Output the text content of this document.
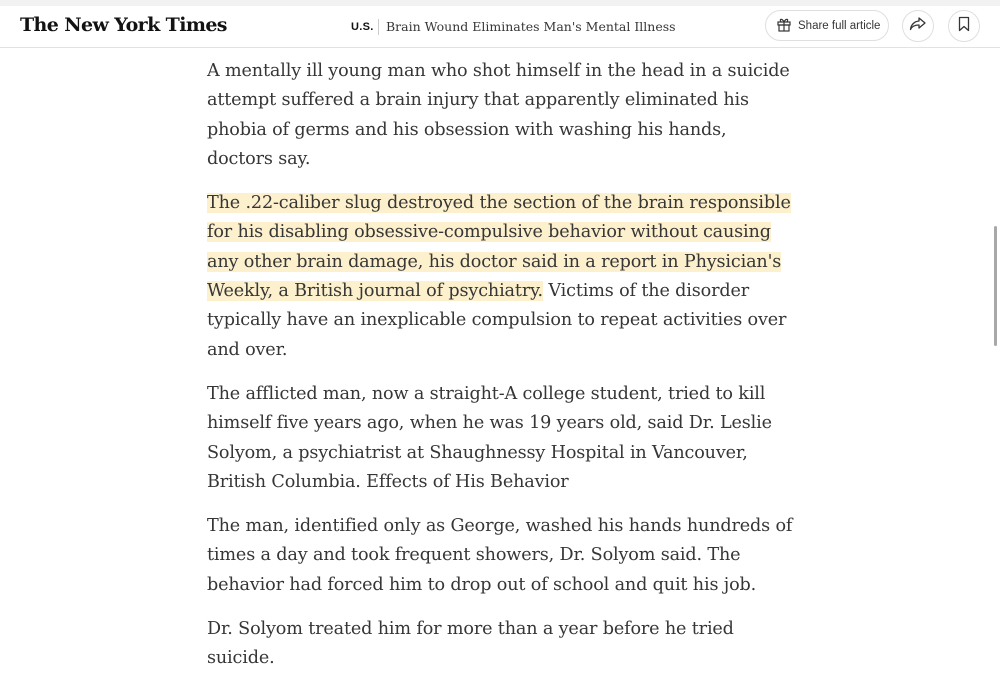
The New York Times	U.S. Brain Wound Eliminates Man's Mental Illness	Share full article

A mentally ill young man who shot himself in the head in a suicide attempt suffered a brain injury that apparently eliminated his phobia of germs and his obsession with washing his hands, doctors say.

The .22-caliber slug destroyed the section of the brain responsible for his disabling obsessive-compulsive behavior without causing any other brain damage, his doctor said in a report in Physician's Weekly, a British journal of psychiatry. Victims of the disorder typically have an inexplicable compulsion to repeat activities over and over.

The afflicted man, now a straight-A college student, tried to kill himself five years ago, when he was 19 years old, said Dr. Leslie Solyom, a psychiatrist at Shaughnessy Hospital in Vancouver, British Columbia. Effects of His Behavior

The man, identified only as George, washed his hands hundreds of times a day and took frequent showers, Dr. Solyom said. The behavior had forced him to drop out of school and quit his job.

Dr. Solyom treated him for more than a year before he tried suicide.
